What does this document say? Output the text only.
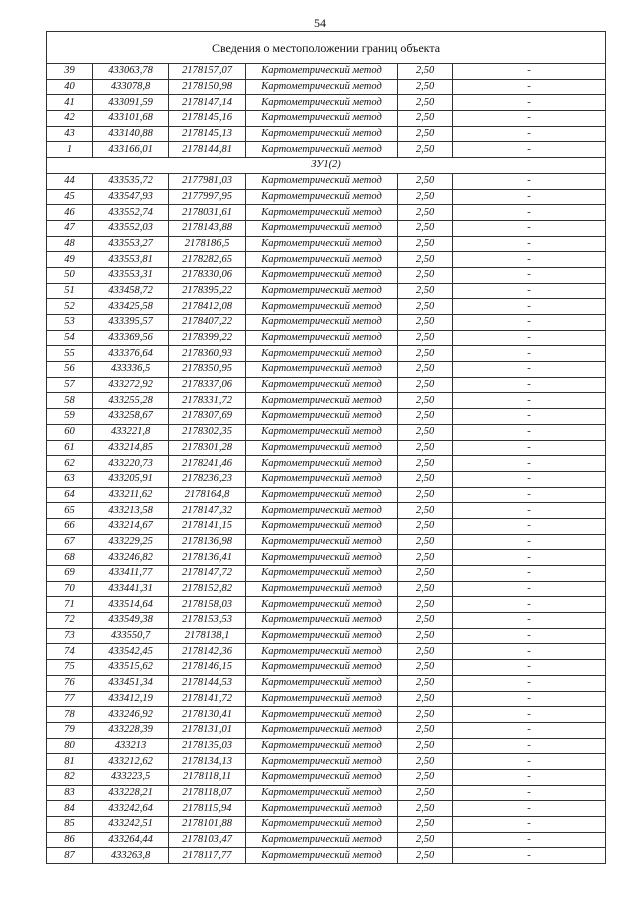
54
Сведения о местоположении границ объекта					
39	433063,78	2178157,07	Картометрический метод	2,50	-
40	433078,8	2178150,98	Картометрический метод	2,50	-
41	433091,59	2178147,14	Картометрический метод	2,50	-
42	433101,68	2178145,16	Картометрический метод	2,50	-
43	433140,88	2178145,13	Картометрический метод	2,50	-
1	433166,01	2178144,81	Картометрический метод	2,50	-
ЗУ1(2)					
44	433535,72	2177981,03	Картометрический метод	2,50	-
45	433547,93	2177997,95	Картометрический метод	2,50	-
46	433552,74	2178031,61	Картометрический метод	2,50	-
47	433552,03	2178143,88	Картометрический метод	2,50	-
48	433553,27	2178186,5	Картометрический метод	2,50	-
49	433553,81	2178282,65	Картометрический метод	2,50	-
50	433553,31	2178330,06	Картометрический метод	2,50	-
51	433458,72	2178395,22	Картометрический метод	2,50	-
52	433425,58	2178412,08	Картометрический метод	2,50	-
53	433395,57	2178407,22	Картометрический метод	2,50	-
54	433369,56	2178399,22	Картометрический метод	2,50	-
55	433376,64	2178360,93	Картометрический метод	2,50	-
56	433336,5	2178350,95	Картометрический метод	2,50	-
57	433272,92	2178337,06	Картометрический метод	2,50	-
58	433255,28	2178331,72	Картометрический метод	2,50	-
59	433258,67	2178307,69	Картометрический метод	2,50	-
60	433221,8	2178302,35	Картометрический метод	2,50	-
61	433214,85	2178301,28	Картометрический метод	2,50	-
62	433220,73	2178241,46	Картометрический метод	2,50	-
63	433205,91	2178236,23	Картометрический метод	2,50	-
64	433211,62	2178164,8	Картометрический метод	2,50	-
65	433213,58	2178147,32	Картометрический метод	2,50	-
66	433214,67	2178141,15	Картометрический метод	2,50	-
67	433229,25	2178136,98	Картометрический метод	2,50	-
68	433246,82	2178136,41	Картометрический метод	2,50	-
69	433411,77	2178147,72	Картометрический метод	2,50	-
70	433441,31	2178152,82	Картометрический метод	2,50	-
71	433514,64	2178158,03	Картометрический метод	2,50	-
72	433549,38	2178153,53	Картометрический метод	2,50	-
73	433550,7	2178138,1	Картометрический метод	2,50	-
74	433542,45	2178142,36	Картометрический метод	2,50	-
75	433515,62	2178146,15	Картометрический метод	2,50	-
76	433451,34	2178144,53	Картометрический метод	2,50	-
77	433412,19	2178141,72	Картометрический метод	2,50	-
78	433246,92	2178130,41	Картометрический метод	2,50	-
79	433228,39	2178131,01	Картометрический метод	2,50	-
80	433213	2178135,03	Картометрический метод	2,50	-
81	433212,62	2178134,13	Картометрический метод	2,50	-
82	433223,5	2178118,11	Картометрический метод	2,50	-
83	433228,21	2178118,07	Картометрический метод	2,50	-
84	433242,64	2178115,94	Картометрический метод	2,50	-
85	433242,51	2178101,88	Картометрический метод	2,50	-
86	433264,44	2178103,47	Картометрический метод	2,50	-
87	433263,8	2178117,77	Картометрический метод	2,50	-
